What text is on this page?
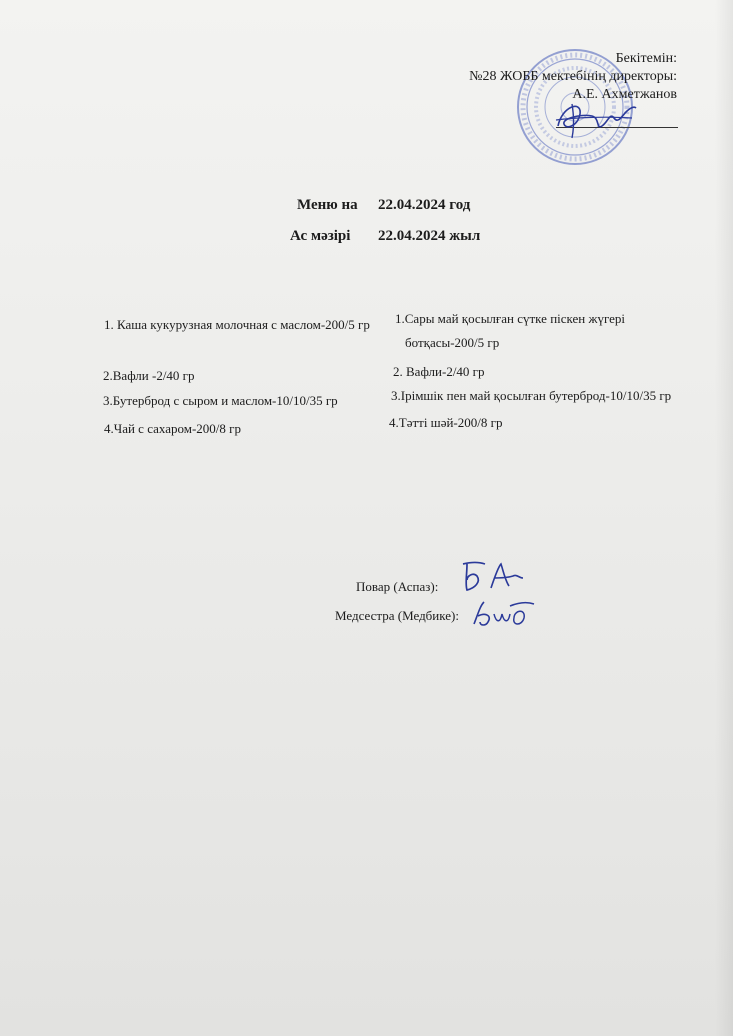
Бекітемін:
№28 ЖОББ мектебінің директоры:
А.Е. Ахметжанов
Меню на 22.04.2024 год
Ас мәзірі 22.04.2024 жыл
1. Каша кукурузная молочная с маслом-200/5 гр
2.Вафли -2/40 гр
3.Бутерброд с сыром и маслом-10/10/35 гр
4.Чай с сахаром-200/8 гр
1.Сары май қосылған сүтке піскен жүгері
ботқасы-200/5 гр
2. Вафли-2/40 гр
3.Ірімшік пен май қосылған бутерброд-10/10/35 гр
4.Тәтті шәй-200/8 гр
Повар (Аспаз):
Медсестра (Медбике):
